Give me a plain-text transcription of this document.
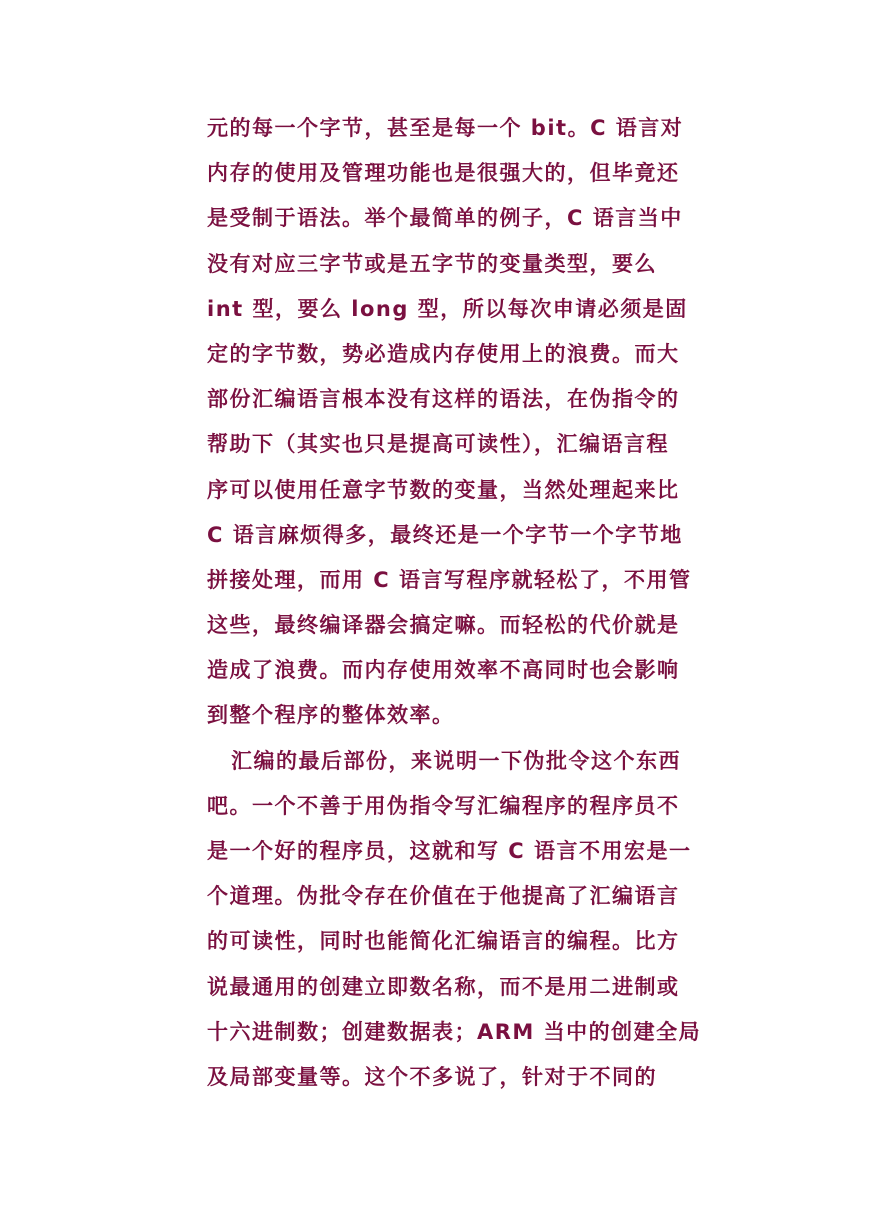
元的每一个字节，甚至是每一个 bit。C 语言对
内存的使用及管理功能也是很强大的，但毕竟还
是受制于语法。举个最简单的例子，C 语言当中
没有对应三字节或是五字节的变量类型，要么
int 型，要么 long 型，所以每次申请必须是固
定的字节数，势必造成内存使用上的浪费。而大
部份汇编语言根本没有这样的语法，在伪指令的
帮助下（其实也只是提高可读性），汇编语言程
序可以使用任意字节数的变量，当然处理起来比
C 语言麻烦得多，最终还是一个字节一个字节地
拼接处理，而用 C 语言写程序就轻松了，不用管
这些，最终编译器会搞定嘛。而轻松的代价就是
造成了浪费。而内存使用效率不高同时也会影响
到整个程序的整体效率。
汇编的最后部份，来说明一下伪批令这个东西
吧。一个不善于用伪指令写汇编程序的程序员不
是一个好的程序员，这就和写 C 语言不用宏是一
个道理。伪批令存在价值在于他提高了汇编语言
的可读性，同时也能简化汇编语言的编程。比方
说最通用的创建立即数名称，而不是用二进制或
十六进制数；创建数据表；ARM 当中的创建全局
及局部变量等。这个不多说了，针对于不同的
